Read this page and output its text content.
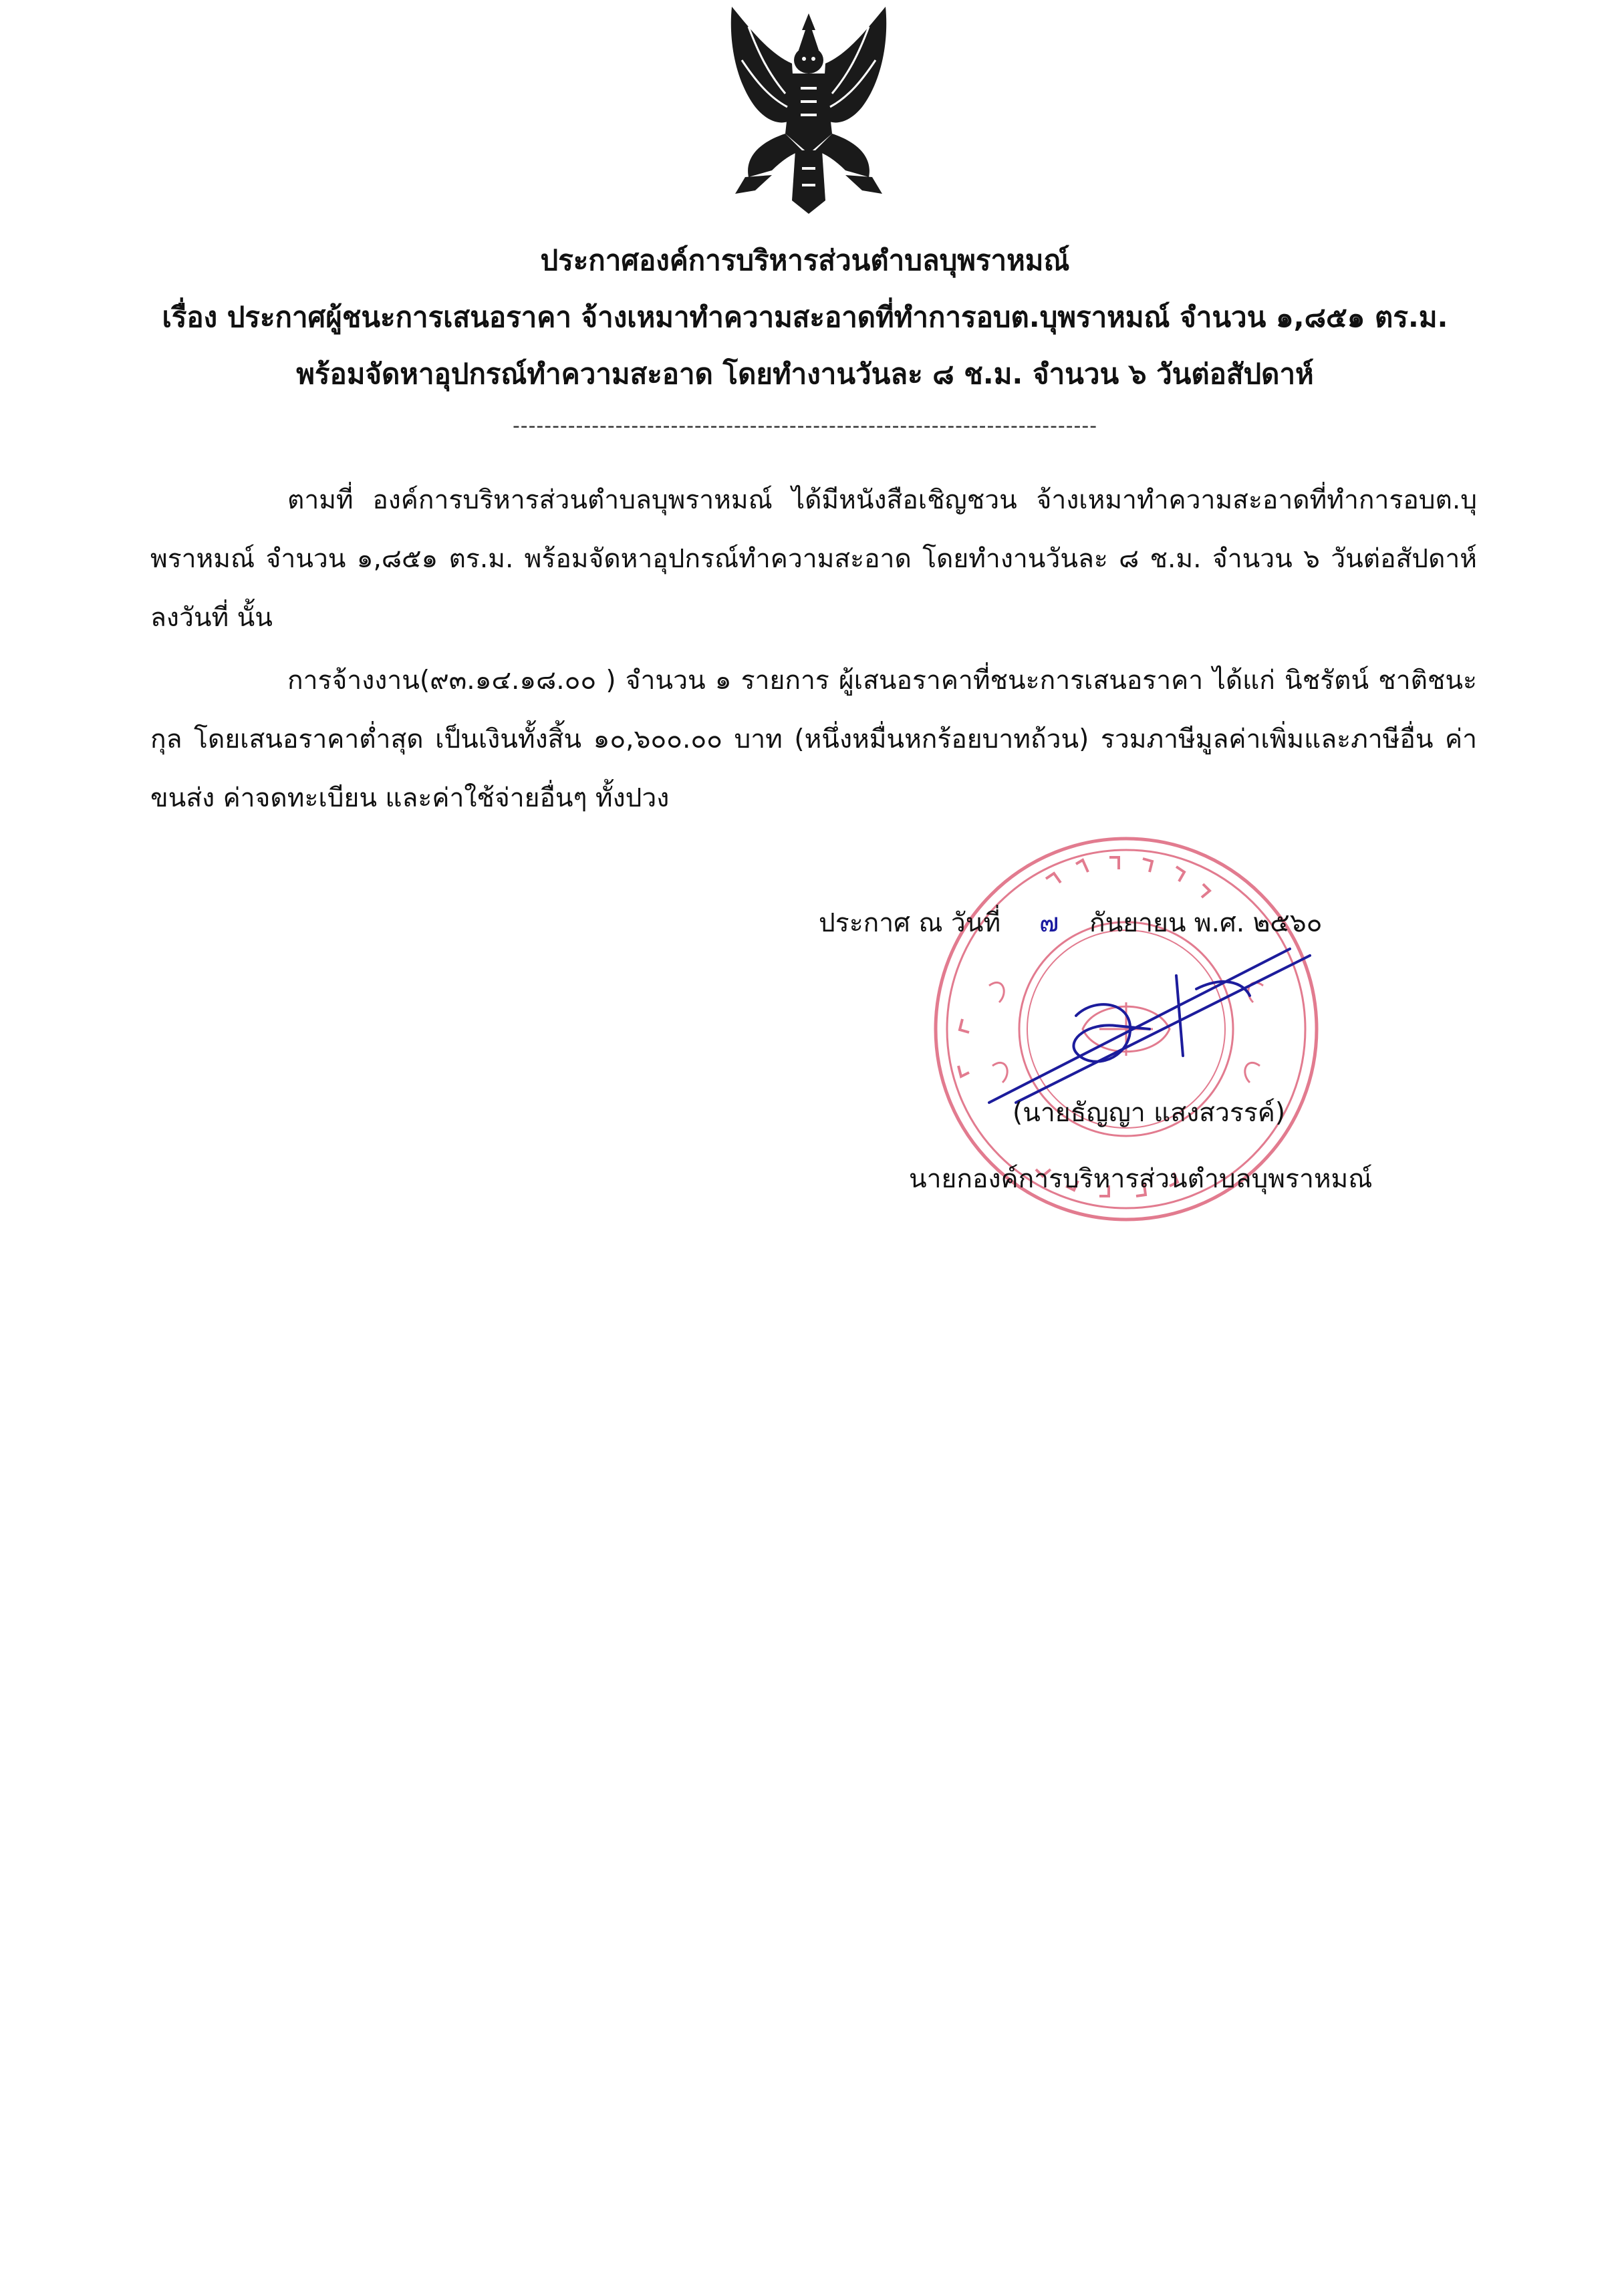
ประกาศองค์การบริหารส่วนตำบลบุพราหมณ์
เรื่อง ประกาศผู้ชนะการเสนอราคา จ้างเหมาทำความสะอาดที่ทำการอบต.บุพราหมณ์ จำนวน ๑,๘๕๑ ตร.ม.
พร้อมจัดหาอุปกรณ์ทำความสะอาด โดยทำงานวันละ ๘ ช.ม. จำนวน ๖ วันต่อสัปดาห์
--------------------------------------------------------------------------
ตามที่ องค์การบริหารส่วนตำบลบุพราหมณ์ ได้มีหนังสือเชิญชวน จ้างเหมาทำความสะอาดที่ทำการอบต.บุพราหมณ์ จำนวน ๑,๘๕๑ ตร.ม. พร้อมจัดหาอุปกรณ์ทำความสะอาด โดยทำงานวันละ ๘ ช.ม. จำนวน ๖ วันต่อสัปดาห์ ลงวันที่ นั้น
การจ้างงาน(๙๓.๑๔.๑๘.๐๐ ) จำนวน ๑ รายการ ผู้เสนอราคาที่ชนะการเสนอราคา ได้แก่ นิชรัตน์ ชาติชนะกุล โดยเสนอราคาต่ำสุด เป็นเงินทั้งสิ้น ๑๐,๖๐๐.๐๐ บาท (หนึ่งหมื่นหกร้อยบาทถ้วน) รวมภาษีมูลค่าเพิ่มและภาษีอื่น ค่าขนส่ง ค่าจดทะเบียน และค่าใช้จ่ายอื่นๆ ทั้งปวง
ประกาศ ณ วันที่ ๗ กันยายน พ.ศ. ๒๕๖๐
(นายธัญญา แสงสวรรค์)
นายกองค์การบริหารส่วนตำบลบุพราหมณ์
